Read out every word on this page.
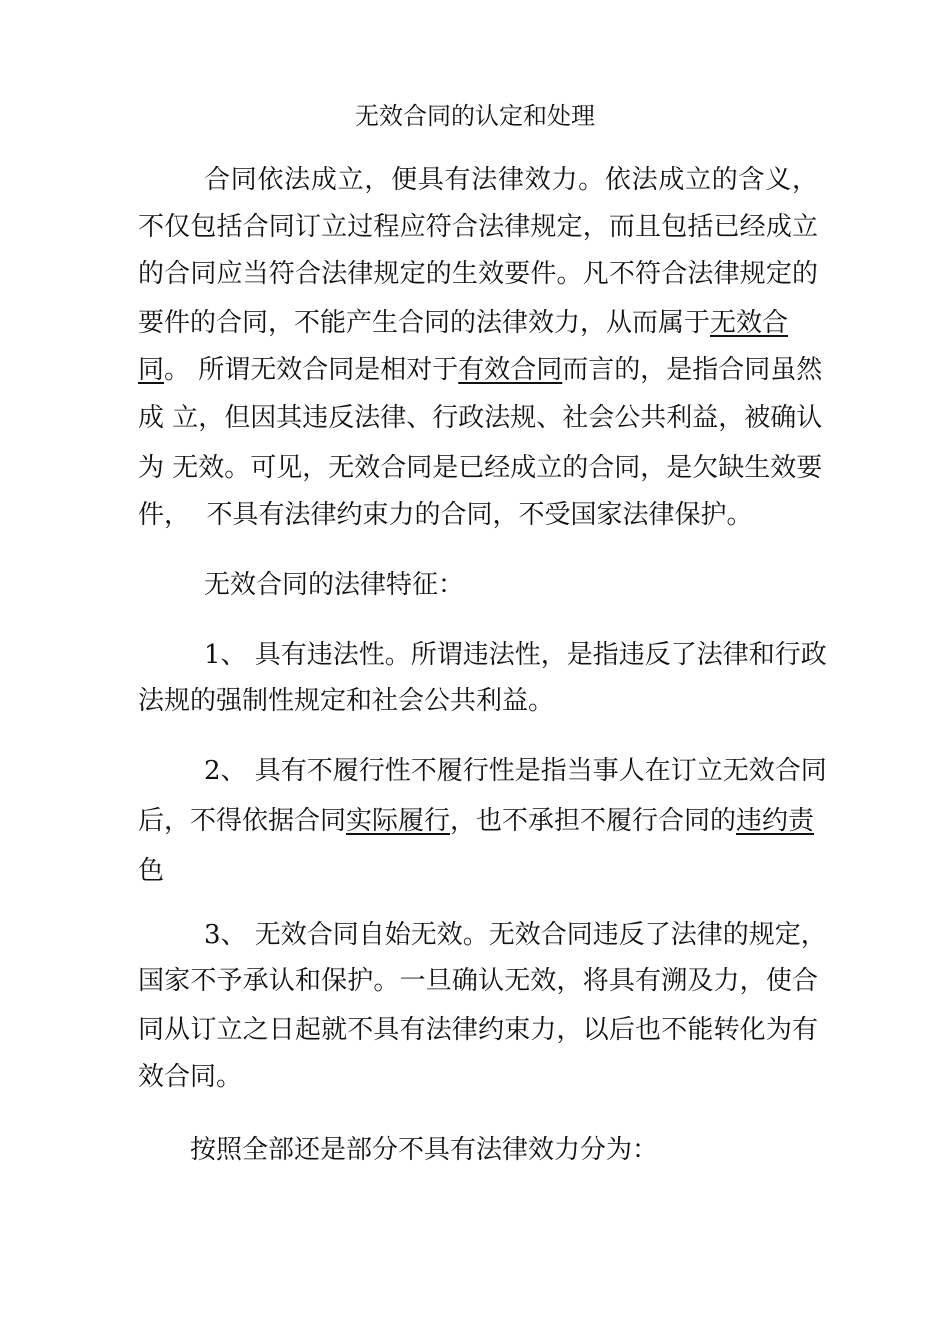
无效合同的认定和处理
合同依法成立，便具有法律效力。依法成立的含义，
不仅包括合同订立过程应符合法律规定，而且包括已经成立
的合同应当符合法律规定的生效要件。凡不符合法律规定的
要件的合同，不能产生合同的法律效力，从而属于无效合
同。 所谓无效合同是相对于有效合同而言的，是指合同虽然
成 立，但因其违反法律、行政法规、社会公共利益，被确认
为 无效。可见，无效合同是已经成立的合同，是欠缺生效要
件，  不具有法律约束力的合同，不受国家法律保护。
无效合同的法律特征：
1、 具有违法性。所谓违法性，是指违反了法律和行政
法规的强制性规定和社会公共利益。
2、 具有不履行性不履行性是指当事人在订立无效合同
后，不得依据合同实际履行，也不承担不履行合同的违约责
色
3、 无效合同自始无效。无效合同违反了法律的规定，
国家不予承认和保护。一旦确认无效，将具有溯及力，使合
同从订立之日起就不具有法律约束力，以后也不能转化为有
效合同。
按照全部还是部分不具有法律效力分为：
